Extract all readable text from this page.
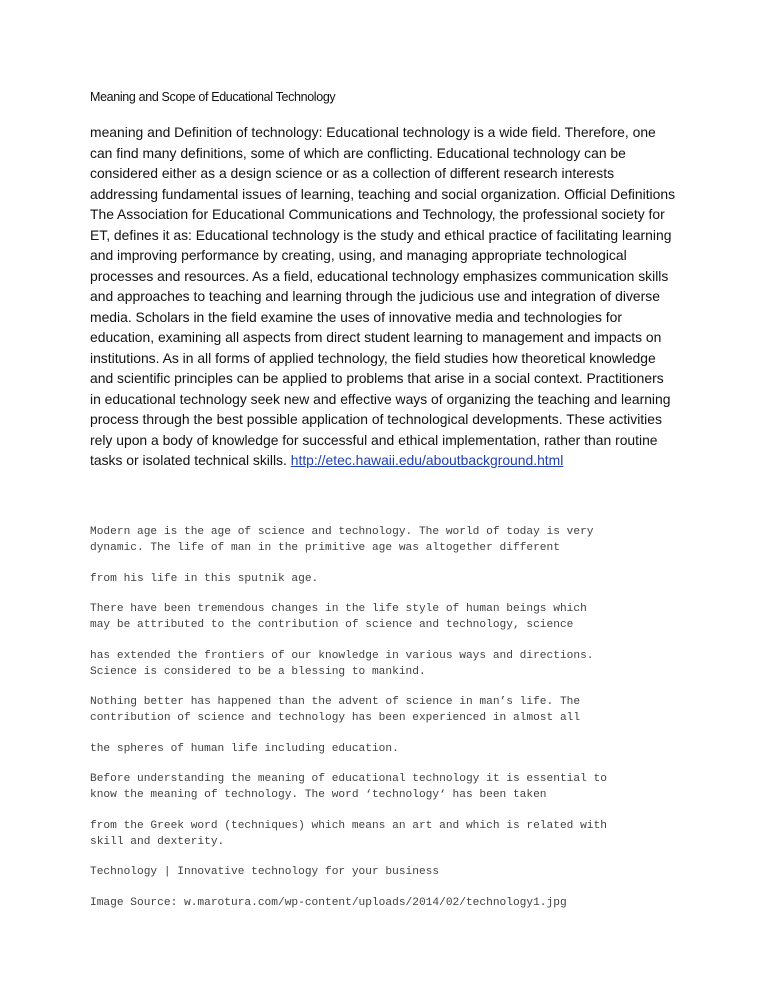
Meaning and Scope of Educational Technology
meaning and Definition of technology: Educational technology is a wide field. Therefore, one
can find many definitions, some of which are conflicting. Educational technology can be
considered either as a design science or as a collection of different research interests
addressing fundamental issues of learning, teaching and social organization. Official Definitions
The Association for Educational Communications and Technology, the professional society for
ET, defines it as: Educational technology is the study and ethical practice of facilitating learning
and improving performance by creating, using, and managing appropriate technological
processes and resources. As a field, educational technology emphasizes communication skills
and approaches to teaching and learning through the judicious use and integration of diverse
media. Scholars in the field examine the uses of innovative media and technologies for
education, examining all aspects from direct student learning to management and impacts on
institutions. As in all forms of applied technology, the field studies how theoretical knowledge
and scientific principles can be applied to problems that arise in a social context. Practitioners
in educational technology seek new and effective ways of organizing the teaching and learning
process through the best possible application of technological developments. These activities
rely upon a body of knowledge for successful and ethical implementation, rather than routine
tasks or isolated technical skills. http://etec.hawaii.edu/aboutbackground.html
Modern age is the age of science and technology. The world of today is very
dynamic. The life of man in the primitive age was altogether different
from his life in this sputnik age.
There have been tremendous changes in the life style of human beings which
may be attributed to the contribution of science and technology, science
has extended the frontiers of our knowledge in various ways and directions.
Science is considered to be a blessing to mankind.
Nothing better has happened than the advent of science in man’s life. The
contribution of science and technology has been experienced in almost all
the spheres of human life including education.
Before understanding the meaning of educational technology it is essential to
know the meaning of technology. The word ‘technology‘ has been taken
from the Greek word (techniques) which means an art and which is related with
skill and dexterity.
Technology | Innovative technology for your business
Image Source: w.marotura.com/wp-content/uploads/2014/02/technology1.jpg
